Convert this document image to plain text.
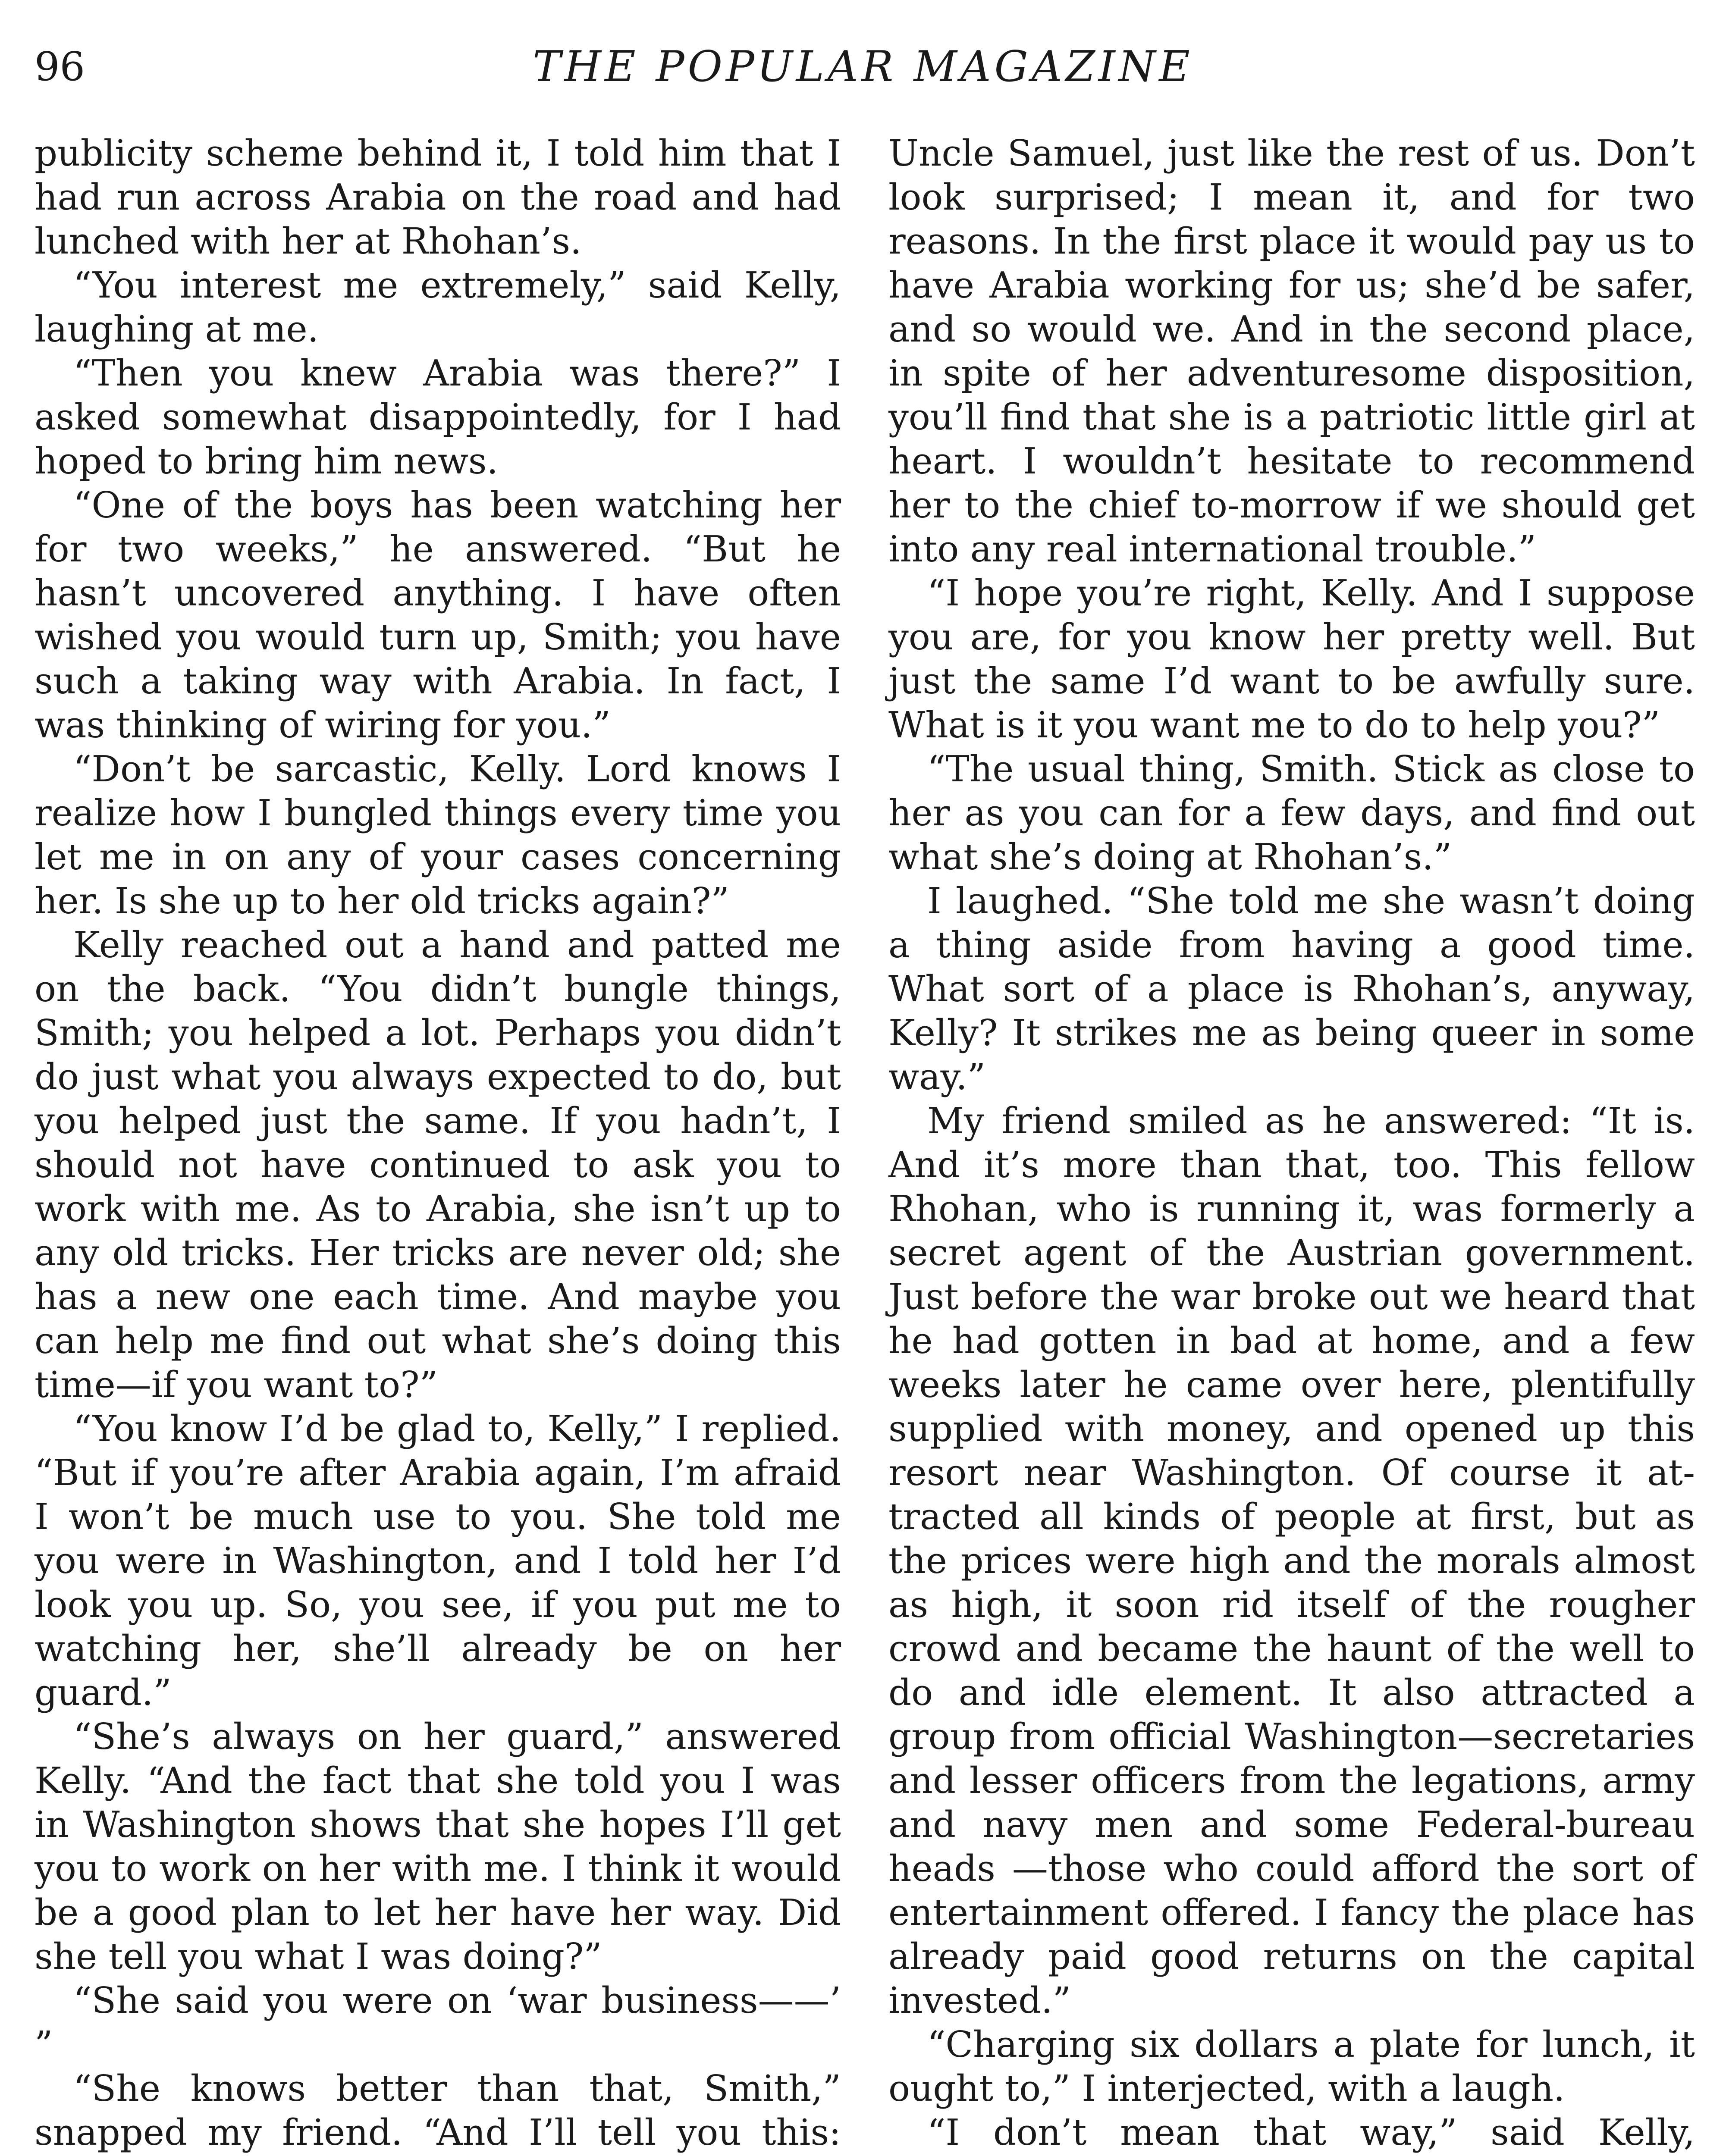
96	THE POPULAR MAGAZINE

publicity scheme behind it, I told him that I had run across Arabia on the road and had lunched with her at Rhohan’s.

“You interest me extremely,” said Kelly, laughing at me.

“Then you knew Arabia was there?” I asked somewhat disappointedly, for I had hoped to bring him news.

“One of the boys has been watching her for two weeks,” he answered. “But he hasn’t uncovered anything. I have often wished you would turn up, Smith; you have such a taking way with Arabia. In fact, I was thinking of wiring for you.”

“Don’t be sarcastic, Kelly. Lord knows I realize how I bungled things every time you let me in on any of your cases concerning her. Is she up to her old tricks again?”

Kelly reached out a hand and patted me on the back. “You didn’t bungle things, Smith; you helped a lot. Perhaps you didn’t do just what you always expected to do, but you helped just the same. If you hadn’t, I should not have continued to ask you to work with me. As to Arabia, she isn’t up to any old tricks. Her tricks are never old; she has a new one each time. And maybe you can help me find out what she’s doing this time—if you want to?”

“You know I’d be glad to, Kelly,” I replied. “But if you’re after Arabia again, I’m afraid I won’t be much use to you. She told me you were in Washington, and I told her I’d look you up. So, you see, if you put me to watching her, she’ll already be on her guard.”

“She’s always on her guard,” answered Kelly. “And the fact that she told you I was in Washington shows that she hopes I’ll get you to work on her with me. I think it would be a good plan to let her have her way. Did she tell you what I was doing?”

“She said you were on ‘war business——’ ”

“She knows better than that, Smith,” snapped my friend. “And I’ll tell you this:

Uncle Samuel, just like the rest of us. Don’t look surprised; I mean it, and for two reasons. In the first place it would pay us to have Arabia working for us; she’d be safer, and so would we. And in the second place, in spite of her adventuresome disposition, you’ll find that she is a patriotic little girl at heart. I wouldn’t hesitate to recommend her to the chief to-morrow if we should get into any real international trouble.”

“I hope you’re right, Kelly. And I suppose you are, for you know her pretty well. But just the same I’d want to be awfully sure. What is it you want me to do to help you?”

“The usual thing, Smith. Stick as close to her as you can for a few days, and find out what she’s doing at Rhohan’s.”

I laughed. “She told me she wasn’t doing a thing aside from having a good time. What sort of a place is Rhohan’s, anyway, Kelly? It strikes me as being queer in some way.”

My friend smiled as he answered: “It is. And it’s more than that, too. This fellow Rhohan, who is running it, was formerly a secret agent of the Austrian government. Just before the war broke out we heard that he had gotten in bad at home, and a few weeks later he came over here, plentifully supplied with money, and opened up this resort near Washington. Of course it attracted all kinds of people at first, but as the prices were high and the morals almost as high, it soon rid itself of the rougher crowd and became the haunt of the well to do and idle element. It also attracted a group from official Washington—secretaries and lesser officers from the legations, army and navy men and some Federal-bureau heads —those who could afford the sort of entertainment offered. I fancy the place has already paid good returns on the capital invested.”

“Charging six dollars a plate for lunch, it ought to,” I interjected, with a laugh.

“I don’t mean that way,” said Kelly,
